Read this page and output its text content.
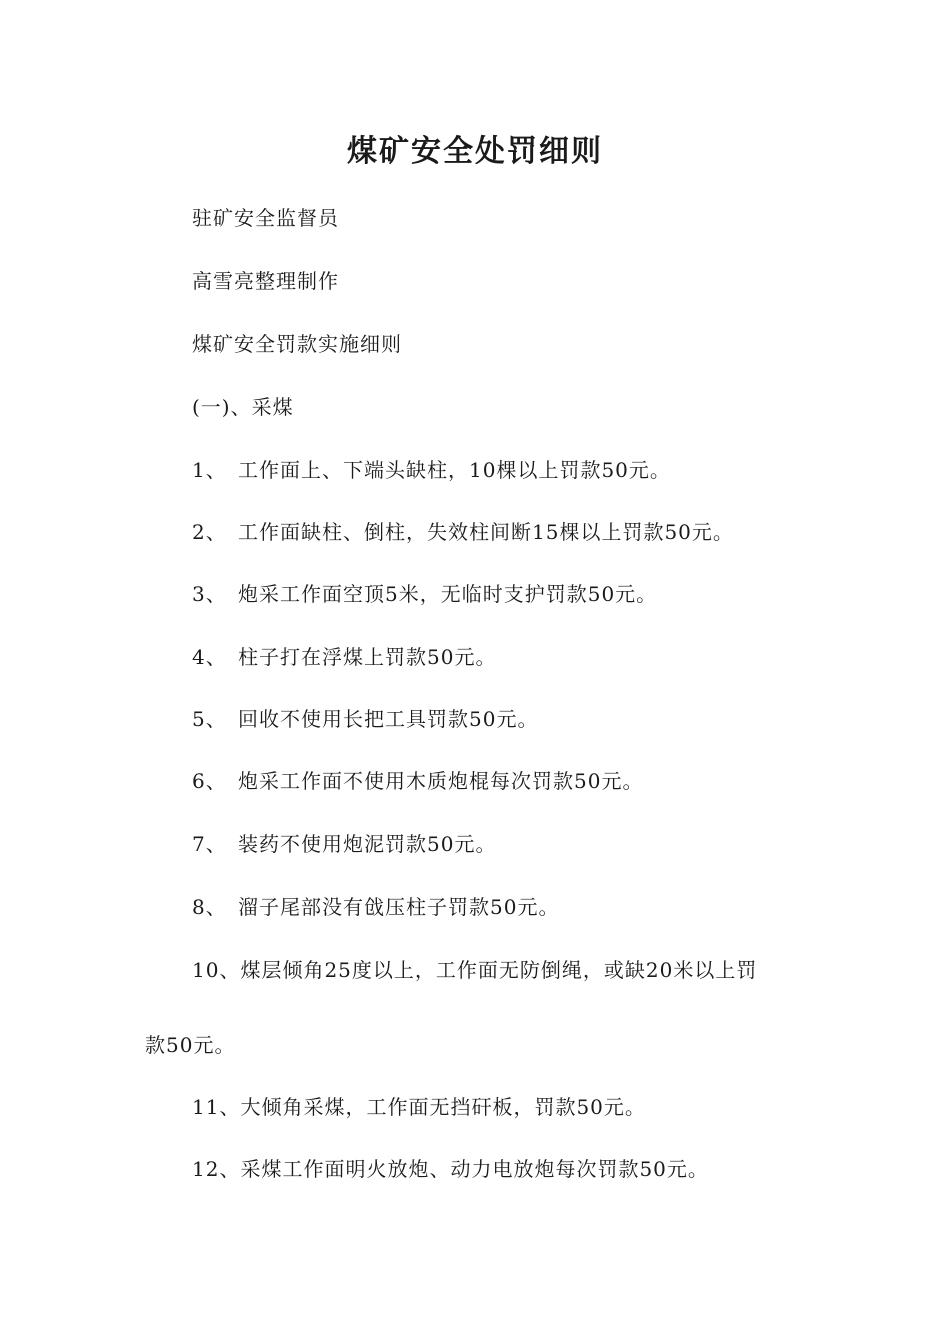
煤矿安全处罚细则
驻矿安全监督员
高雪亮整理制作
煤矿安全罚款实施细则
(一)、采煤
1、 工作面上、下端头缺柱，10棵以上罚款50元。
2、 工作面缺柱、倒柱，失效柱间断15棵以上罚款50元。
3、 炮采工作面空顶5米，无临时支护罚款50元。
4、 柱子打在浮煤上罚款50元。
5、 回收不使用长把工具罚款50元。
6、 炮采工作面不使用木质炮棍每次罚款50元。
7、 装药不使用炮泥罚款50元。
8、 溜子尾部没有戗压柱子罚款50元。
10、煤层倾角25度以上，工作面无防倒绳，或缺20米以上罚
款50元。
11、大倾角采煤，工作面无挡矸板，罚款50元。
12、采煤工作面明火放炮、动力电放炮每次罚款50元。
